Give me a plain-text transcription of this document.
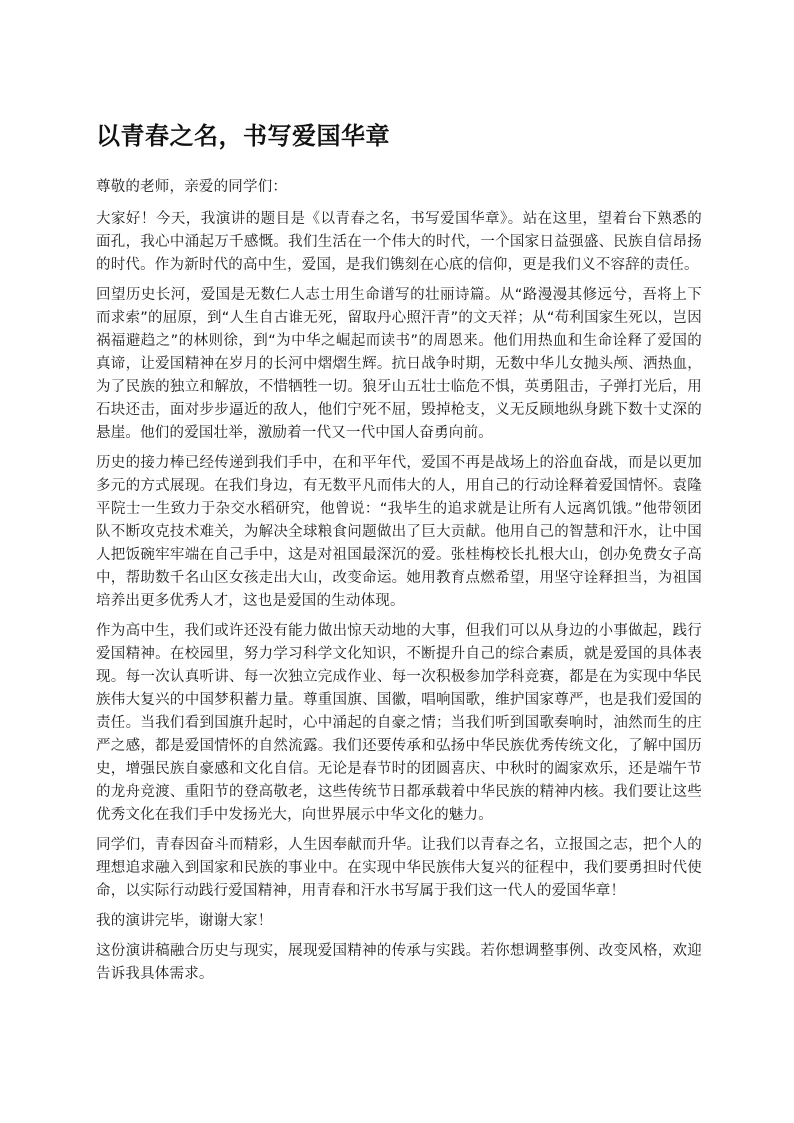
以青春之名，书写爱国华章

尊敬的老师，亲爱的同学们：

大家好！今天，我演讲的题目是《以青春之名，书写爱国华章》。站在这里，望着台下熟悉的面孔，我心中涌起万千感慨。我们生活在一个伟大的时代，一个国家日益强盛、民族自信昂扬的时代。作为新时代的高中生，爱国，是我们镌刻在心底的信仰，更是我们义不容辞的责任。

回望历史长河，爱国是无数仁人志士用生命谱写的壮丽诗篇。从“路漫漫其修远兮，吾将上下而求索”的屈原，到“人生自古谁无死，留取丹心照汗青”的文天祥；从“苟利国家生死以，岂因祸福避趋之”的林则徐，到“为中华之崛起而读书”的周恩来。他们用热血和生命诠释了爱国的真谛，让爱国精神在岁月的长河中熠熠生辉。抗日战争时期，无数中华儿女抛头颅、洒热血，为了民族的独立和解放，不惜牺牲一切。狼牙山五壮士临危不惧，英勇阻击，子弹打光后，用石块还击，面对步步逼近的敌人，他们宁死不屈，毁掉枪支，义无反顾地纵身跳下数十丈深的悬崖。他们的爱国壮举，激励着一代又一代中国人奋勇向前。

历史的接力棒已经传递到我们手中，在和平年代，爱国不再是战场上的浴血奋战，而是以更加多元的方式展现。在我们身边，有无数平凡而伟大的人，用自己的行动诠释着爱国情怀。袁隆平院士一生致力于杂交水稻研究，他曾说：“我毕生的追求就是让所有人远离饥饿。”他带领团队不断攻克技术难关，为解决全球粮食问题做出了巨大贡献。他用自己的智慧和汗水，让中国人把饭碗牢牢端在自己手中，这是对祖国最深沉的爱。张桂梅校长扎根大山，创办免费女子高中，帮助数千名山区女孩走出大山，改变命运。她用教育点燃希望，用坚守诠释担当，为祖国培养出更多优秀人才，这也是爱国的生动体现。

作为高中生，我们或许还没有能力做出惊天动地的大事，但我们可以从身边的小事做起，践行爱国精神。在校园里，努力学习科学文化知识，不断提升自己的综合素质，就是爱国的具体表现。每一次认真听讲、每一次独立完成作业、每一次积极参加学科竞赛，都是在为实现中华民族伟大复兴的中国梦积蓄力量。尊重国旗、国徽，唱响国歌，维护国家尊严，也是我们爱国的责任。当我们看到国旗升起时，心中涌起的自豪之情；当我们听到国歌奏响时，油然而生的庄严之感，都是爱国情怀的自然流露。我们还要传承和弘扬中华民族优秀传统文化，了解中国历史，增强民族自豪感和文化自信。无论是春节时的团圆喜庆、中秋时的阖家欢乐，还是端午节的龙舟竞渡、重阳节的登高敬老，这些传统节日都承载着中华民族的精神内核。我们要让这些优秀文化在我们手中发扬光大，向世界展示中华文化的魅力。

同学们，青春因奋斗而精彩，人生因奉献而升华。让我们以青春之名，立报国之志，把个人的理想追求融入到国家和民族的事业中。在实现中华民族伟大复兴的征程中，我们要勇担时代使命，以实际行动践行爱国精神，用青春和汗水书写属于我们这一代人的爱国华章！

我的演讲完毕，谢谢大家！

这份演讲稿融合历史与现实，展现爱国精神的传承与实践。若你想调整事例、改变风格，欢迎告诉我具体需求。
